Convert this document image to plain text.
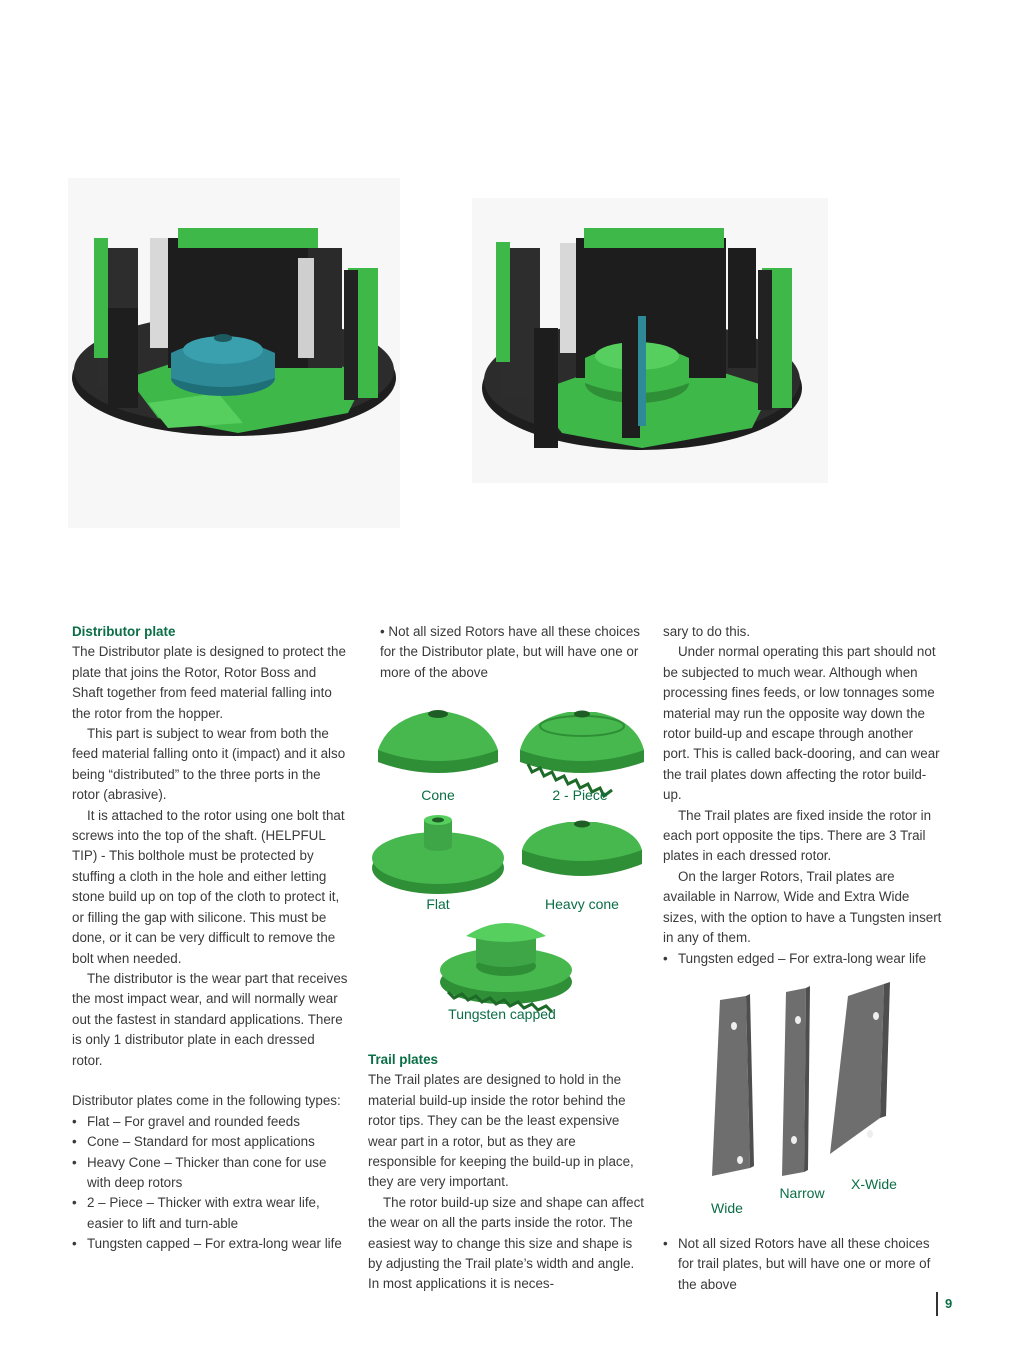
Distributor plate

The Distributor plate is designed to protect the plate that joins the Rotor, Rotor Boss and Shaft together from feed material falling into the rotor from the hopper.

This part is subject to wear from both the feed material falling onto it (impact) and it also being “distributed” to the three ports in the rotor (abrasive).

It is attached to the rotor using one bolt that screws into the top of the shaft. (HELPFUL TIP) - This bolthole must be protected by stuffing a cloth in the hole and either letting stone build up on top of the cloth to protect it, or filling the gap with silicone. This must be done, or it can be very difficult to remove the bolt when needed.

The distributor is the wear part that receives the most impact wear, and will normally wear out the fastest in standard applications. There is only 1 distributor plate in each dressed rotor.

Distributor plates come in the following types:

• Flat – For gravel and rounded feeds
• Cone – Standard for most applications
• Heavy Cone – Thicker than cone for use with deep rotors
• 2 – Piece – Thicker with extra wear life, easier to lift and turn-able
• Tungsten capped – For extra-long wear life

• Not all sized Rotors have all these choices for the Distributor plate, but will have one or more of the above

Cone	2 - Piece
Flat	Heavy cone
Tungsten capped
Trail plates

The Trail plates are designed to hold in the material build-up inside the rotor behind the rotor tips. They can be the least expensive wear part in a rotor, but as they are responsible for keeping the build-up in place, they are very important.

The rotor build-up size and shape can affect the wear on all the parts inside the rotor. The easiest way to change this size and shape is by adjusting the Trail plate’s width and angle. In most applications it is neces-

sary to do this.

Under normal operating this part should not be subjected to much wear. Although when processing fines feeds, or low tonnages some material may run the opposite way down the rotor build-up and escape through another port. This is called back-dooring, and can wear the trail plates down affecting the rotor build-up.

The Trail plates are fixed inside the rotor in each port opposite the tips. There are 3 Trail plates in each dressed rotor.

On the larger Rotors, Trail plates are available in Narrow, Wide and Extra Wide sizes, with the option to have a Tungsten insert in any of them.

• Tungsten edged – For extra-long wear life
Wide
Narrow
X-Wide
• Not all sized Rotors have all these choices for trail plates, but will have one or more of the above
9
